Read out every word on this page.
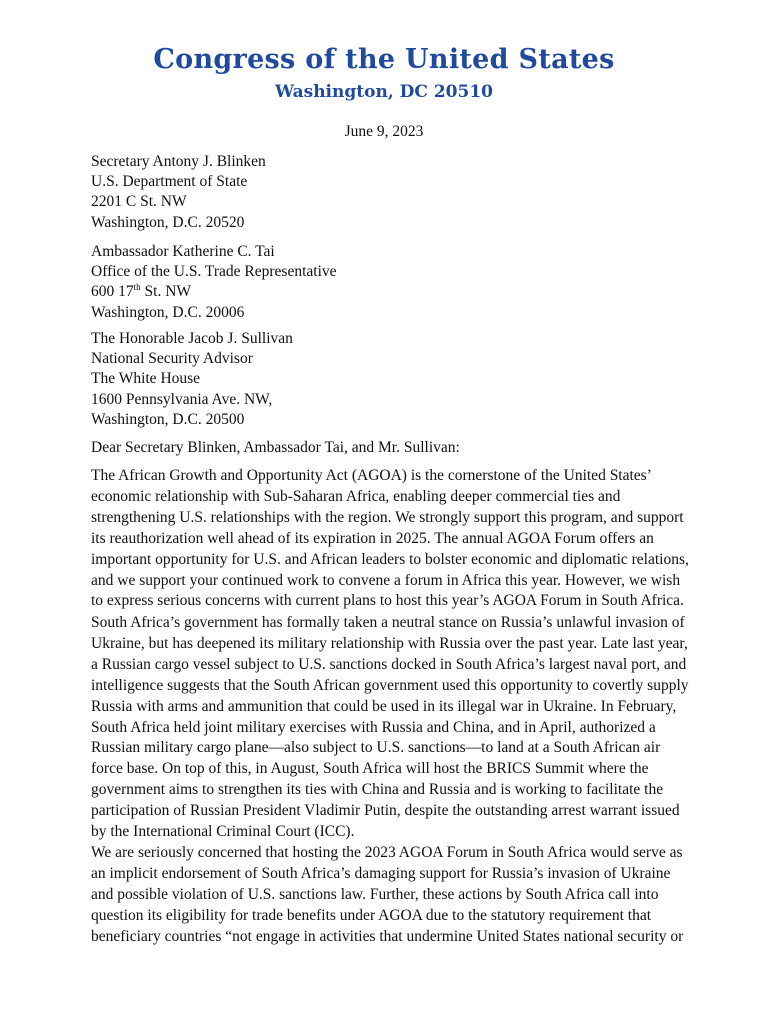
Congress of the United States
Washington, DC 20510
June 9, 2023
Secretary Antony J. Blinken
U.S. Department of State
2201 C St. NW
Washington, D.C. 20520
Ambassador Katherine C. Tai
Office of the U.S. Trade Representative
600 17th St. NW
Washington, D.C. 20006
The Honorable Jacob J. Sullivan
National Security Advisor
The White House
1600 Pennsylvania Ave. NW,
Washington, D.C. 20500
Dear Secretary Blinken, Ambassador Tai, and Mr. Sullivan:
The African Growth and Opportunity Act (AGOA) is the cornerstone of the United States’
economic relationship with Sub-Saharan Africa, enabling deeper commercial ties and
strengthening U.S. relationships with the region. We strongly support this program, and support
its reauthorization well ahead of its expiration in 2025. The annual AGOA Forum offers an
important opportunity for U.S. and African leaders to bolster economic and diplomatic relations,
and we support your continued work to convene a forum in Africa this year. However, we wish
to express serious concerns with current plans to host this year’s AGOA Forum in South Africa.
South Africa’s government has formally taken a neutral stance on Russia’s unlawful invasion of
Ukraine, but has deepened its military relationship with Russia over the past year. Late last year,
a Russian cargo vessel subject to U.S. sanctions docked in South Africa’s largest naval port, and
intelligence suggests that the South African government used this opportunity to covertly supply
Russia with arms and ammunition that could be used in its illegal war in Ukraine. In February,
South Africa held joint military exercises with Russia and China, and in April, authorized a
Russian military cargo plane—also subject to U.S. sanctions—to land at a South African air
force base. On top of this, in August, South Africa will host the BRICS Summit where the
government aims to strengthen its ties with China and Russia and is working to facilitate the
participation of Russian President Vladimir Putin, despite the outstanding arrest warrant issued
by the International Criminal Court (ICC).
We are seriously concerned that hosting the 2023 AGOA Forum in South Africa would serve as
an implicit endorsement of South Africa’s damaging support for Russia’s invasion of Ukraine
and possible violation of U.S. sanctions law. Further, these actions by South Africa call into
question its eligibility for trade benefits under AGOA due to the statutory requirement that
beneficiary countries “not engage in activities that undermine United States national security or
